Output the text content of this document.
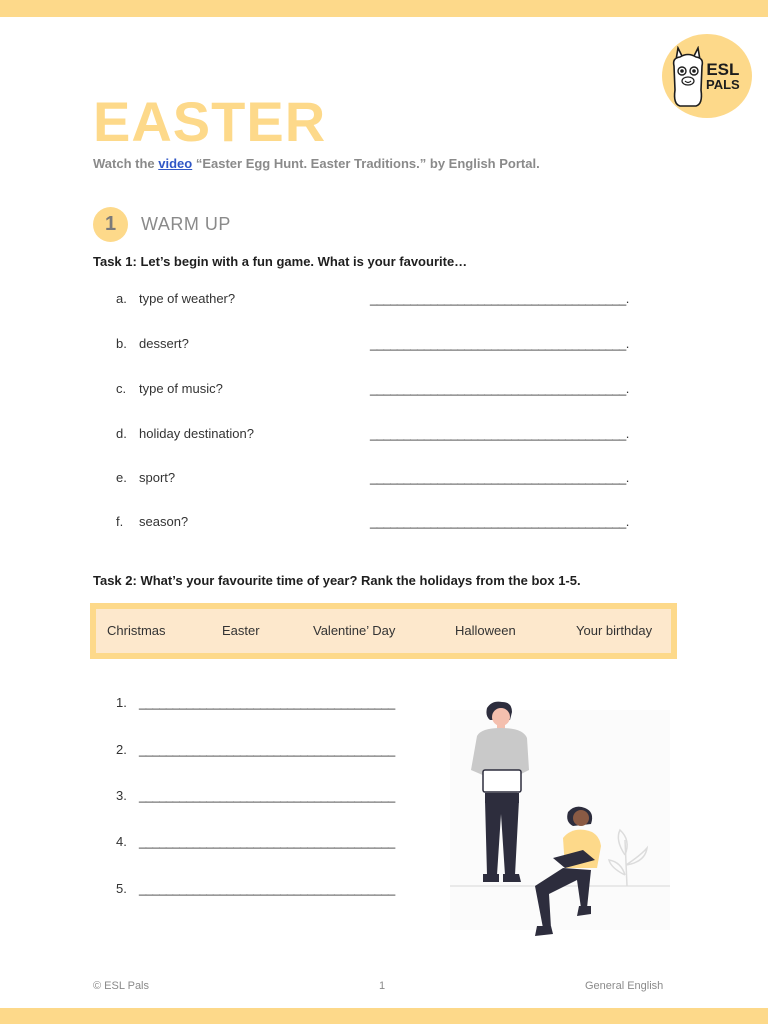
ESL
PALS
EASTER
Watch the video “Easter Egg Hunt. Easter Traditions.” by English Portal.
1	WARM UP
Task 1: Let’s begin with a fun game. What is your favourite…
a. type of weather?	______________________________________.
b. dessert?	______________________________________.
c. type of music?	______________________________________.
d. holiday destination?	______________________________________.
e. sport?	______________________________________.
f. season?	______________________________________.
Task 2: What’s your favourite time of year? Rank the holidays from the box 1-5.
Christmas	Easter	Valentine’ Day	Halloween	Your birthday
1. ______________________________________
2. ______________________________________
3. ______________________________________
4. ______________________________________
5. ______________________________________
© ESL Pals	1	General English
